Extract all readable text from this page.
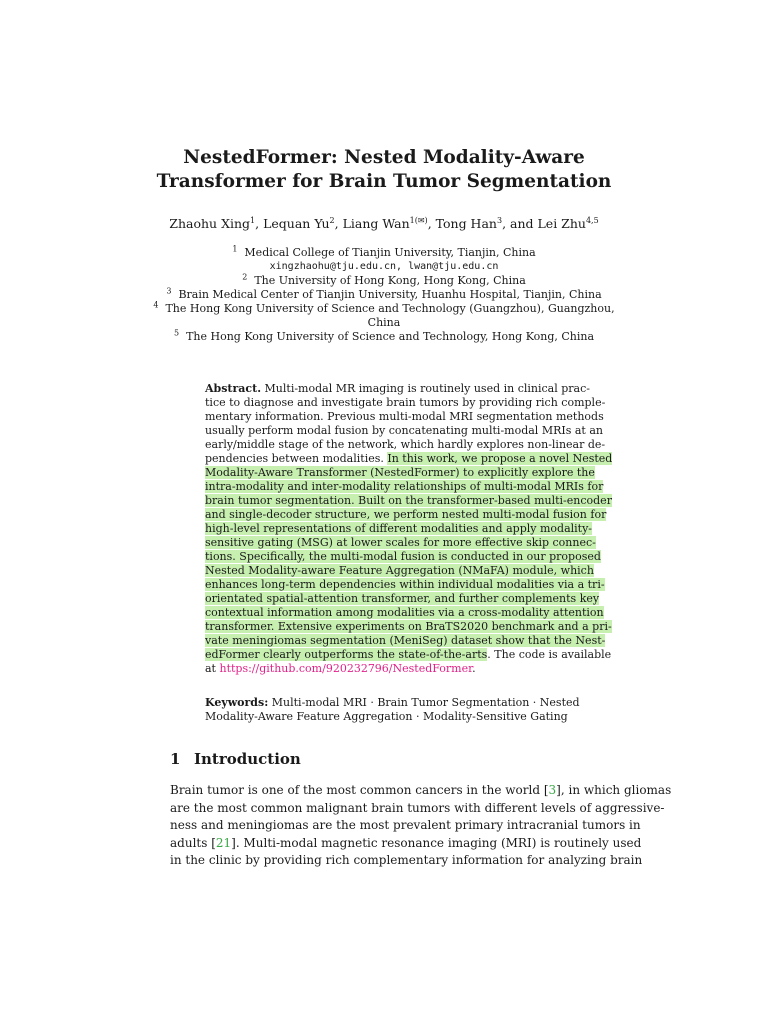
NestedFormer: Nested Modality-Aware
Transformer for Brain Tumor Segmentation
Zhaohu Xing$^1$, Lequan Yu$^2$, Liang Wan$^{1(✉)}$, Tong Han$^3$, and Lei Zhu$^{4,5}$
$^1$ Medical College of Tianjin University, Tianjin, China
xingzhaohu@tju.edu.cn, lwan@tju.edu.cn
$^2$ The University of Hong Kong, Hong Kong, China
$^3$ Brain Medical Center of Tianjin University, Huanhu Hospital, Tianjin, China
$^4$ The Hong Kong University of Science and Technology (Guangzhou), Guangzhou,
China
$^5$ The Hong Kong University of Science and Technology, Hong Kong, China
Abstract. Multi-modal MR imaging is routinely used in clinical prac-
tice to diagnose and investigate brain tumors by providing rich comple-
mentary information. Previous multi-modal MRI segmentation methods
usually perform modal fusion by concatenating multi-modal MRIs at an
early/middle stage of the network, which hardly explores non-linear de-
pendencies between modalities. In this work, we propose a novel Nested
Modality-Aware Transformer (NestedFormer) to explicitly explore the
intra-modality and inter-modality relationships of multi-modal MRIs for
brain tumor segmentation. Built on the transformer-based multi-encoder
and single-decoder structure, we perform nested multi-modal fusion for
high-level representations of different modalities and apply modality-
sensitive gating (MSG) at lower scales for more effective skip connec-
tions. Specifically, the multi-modal fusion is conducted in our proposed
Nested Modality-aware Feature Aggregation (NMaFA) module, which
enhances long-term dependencies within individual modalities via a tri-
orientated spatial-attention transformer, and further complements key
contextual information among modalities via a cross-modality attention
transformer. Extensive experiments on BraTS2020 benchmark and a pri-
vate meningiomas segmentation (MeniSeg) dataset show that the Nest-
edFormer clearly outperforms the state-of-the-arts. The code is available
at https://github.com/920232796/NestedFormer.
Keywords: Multi-modal MRI · Brain Tumor Segmentation · Nested
Modality-Aware Feature Aggregation · Modality-Sensitive Gating
1 Introduction
Brain tumor is one of the most common cancers in the world [3], in which gliomas
are the most common malignant brain tumors with different levels of aggressive-
ness and meningiomas are the most prevalent primary intracranial tumors in
adults [21]. Multi-modal magnetic resonance imaging (MRI) is routinely used
in the clinic by providing rich complementary information for analyzing brain
